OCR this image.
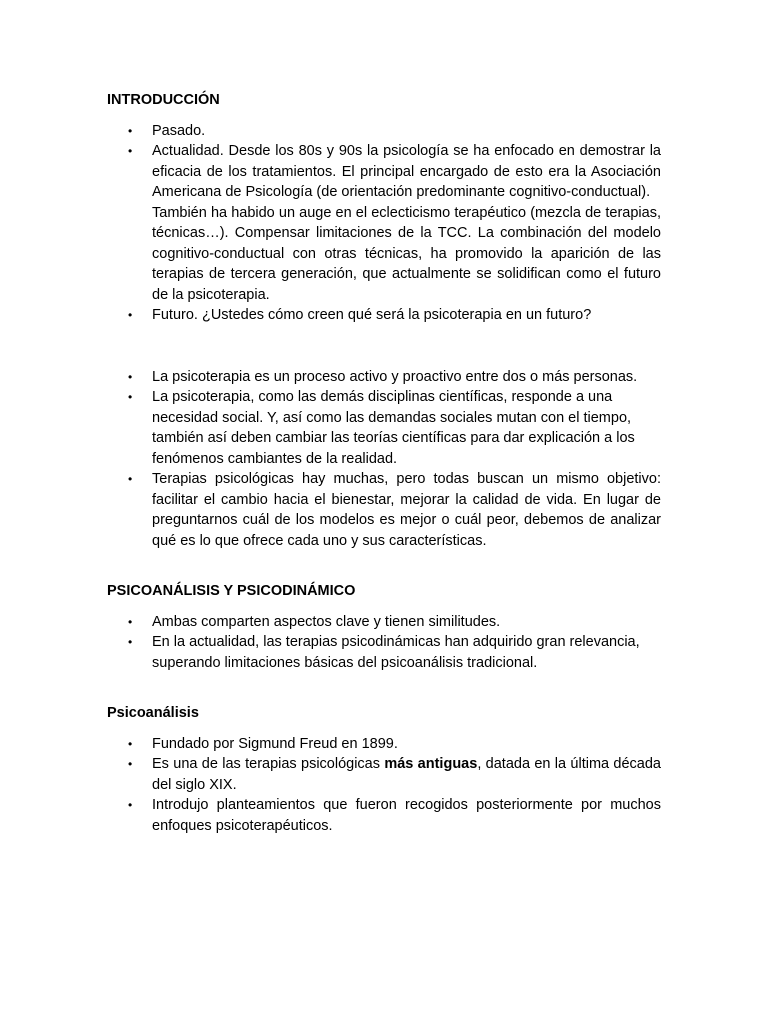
INTRODUCCIÓN
• Pasado.
• Actualidad. Desde los 80s y 90s la psicología se ha enfocado en demostrar la eficacia de los tratamientos. El principal encargado de esto era la Asociación Americana de Psicología (de orientación predominante cognitivo-conductual).
También ha habido un auge en el eclecticismo terapéutico (mezcla de terapias, técnicas…). Compensar limitaciones de la TCC. La combinación del modelo cognitivo-conductual con otras técnicas, ha promovido la aparición de las terapias de tercera generación, que actualmente se solidifican como el futuro de la psicoterapia.
• Futuro. ¿Ustedes cómo creen qué será la psicoterapia en un futuro?
• La psicoterapia es un proceso activo y proactivo entre dos o más personas.
• La psicoterapia, como las demás disciplinas científicas, responde a una necesidad social. Y, así como las demandas sociales mutan con el tiempo, también así deben cambiar las teorías científicas para dar explicación a los fenómenos cambiantes de la realidad.
• Terapias psicológicas hay muchas, pero todas buscan un mismo objetivo: facilitar el cambio hacia el bienestar, mejorar la calidad de vida. En lugar de preguntarnos cuál de los modelos es mejor o cuál peor, debemos de analizar qué es lo que ofrece cada uno y sus características.
PSICOANÁLISIS Y PSICODINÁMICO
• Ambas comparten aspectos clave y tienen similitudes.
• En la actualidad, las terapias psicodinámicas han adquirido gran relevancia, superando limitaciones básicas del psicoanálisis tradicional.
Psicoanálisis
• Fundado por Sigmund Freud en 1899.
• Es una de las terapias psicológicas más antiguas, datada en la última década del siglo XIX.
• Introdujo planteamientos que fueron recogidos posteriormente por muchos enfoques psicoterapéuticos.
